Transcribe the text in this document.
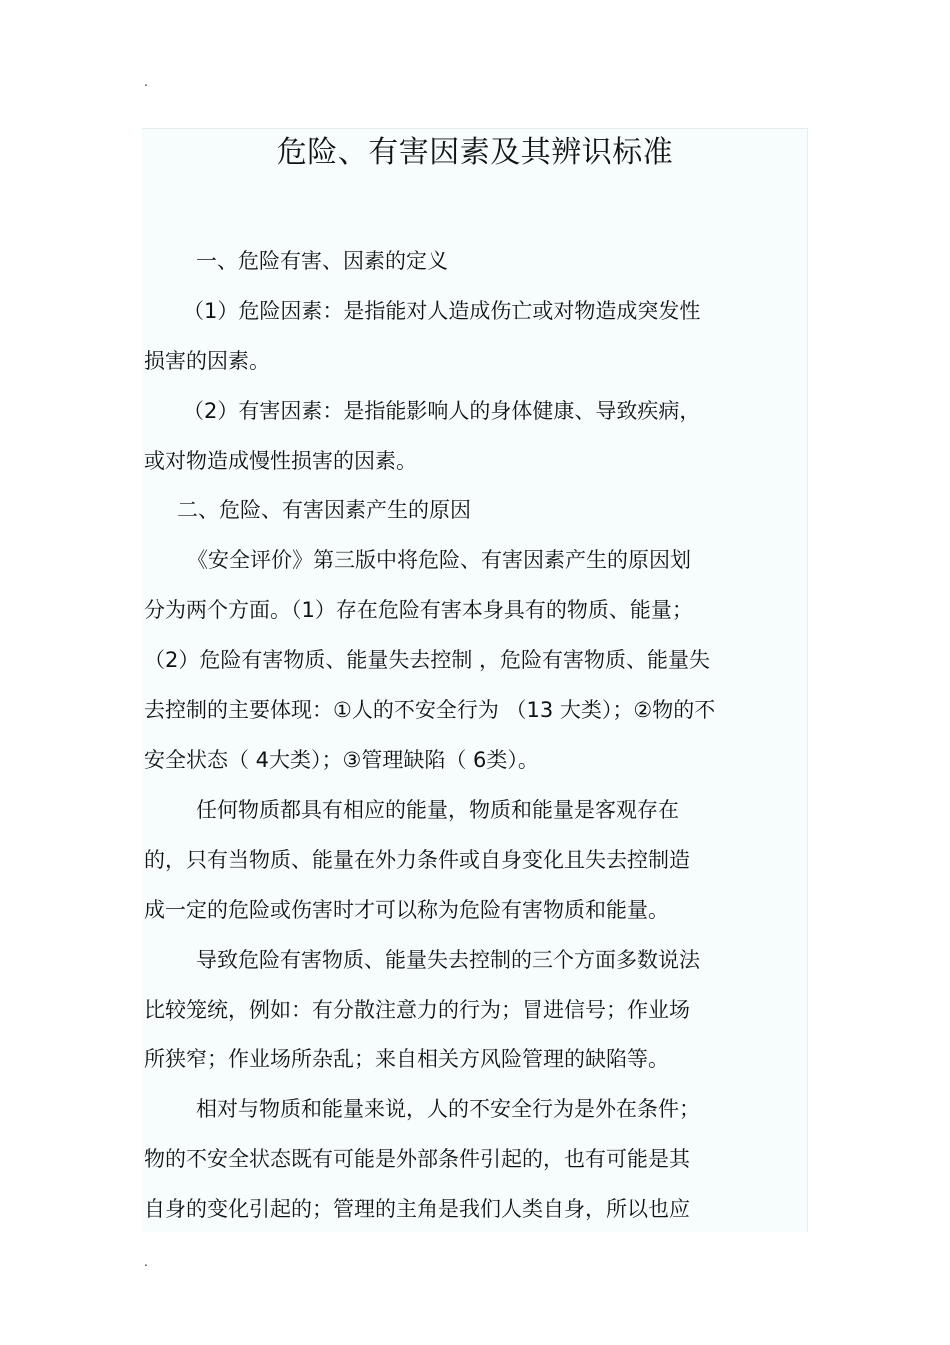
.
危险、有害因素及其辨识标准
一、危险有害、因素的定义
（1）危险因素：是指能对人造成伤亡或对物造成突发性
损害的因素。
（2）有害因素：是指能影响人的身体健康、导致疾病，
或对物造成慢性损害的因素。
二、危险、有害因素产生的原因
《安全评价》第三版中将危险、有害因素产生的原因划
分为两个方面。（1）存在危险有害本身具有的物质、能量；
（2）危险有害物质、能量失去控制 ，危险有害物质、能量失
去控制的主要体现：①人的不安全行为 （13 大类）；②物的不
安全状态（ 4大类）；③管理缺陷（ 6类）。
任何物质都具有相应的能量，物质和能量是客观存在
的，只有当物质、能量在外力条件或自身变化且失去控制造
成一定的危险或伤害时才可以称为危险有害物质和能量。
导致危险有害物质、能量失去控制的三个方面多数说法
比较笼统，例如：有分散注意力的行为；冒进信号；作业场
所狭窄；作业场所杂乱；来自相关方风险管理的缺陷等。
相对与物质和能量来说，人的不安全行为是外在条件；
物的不安全状态既有可能是外部条件引起的，也有可能是其
自身的变化引起的；管理的主角是我们人类自身，所以也应
.
